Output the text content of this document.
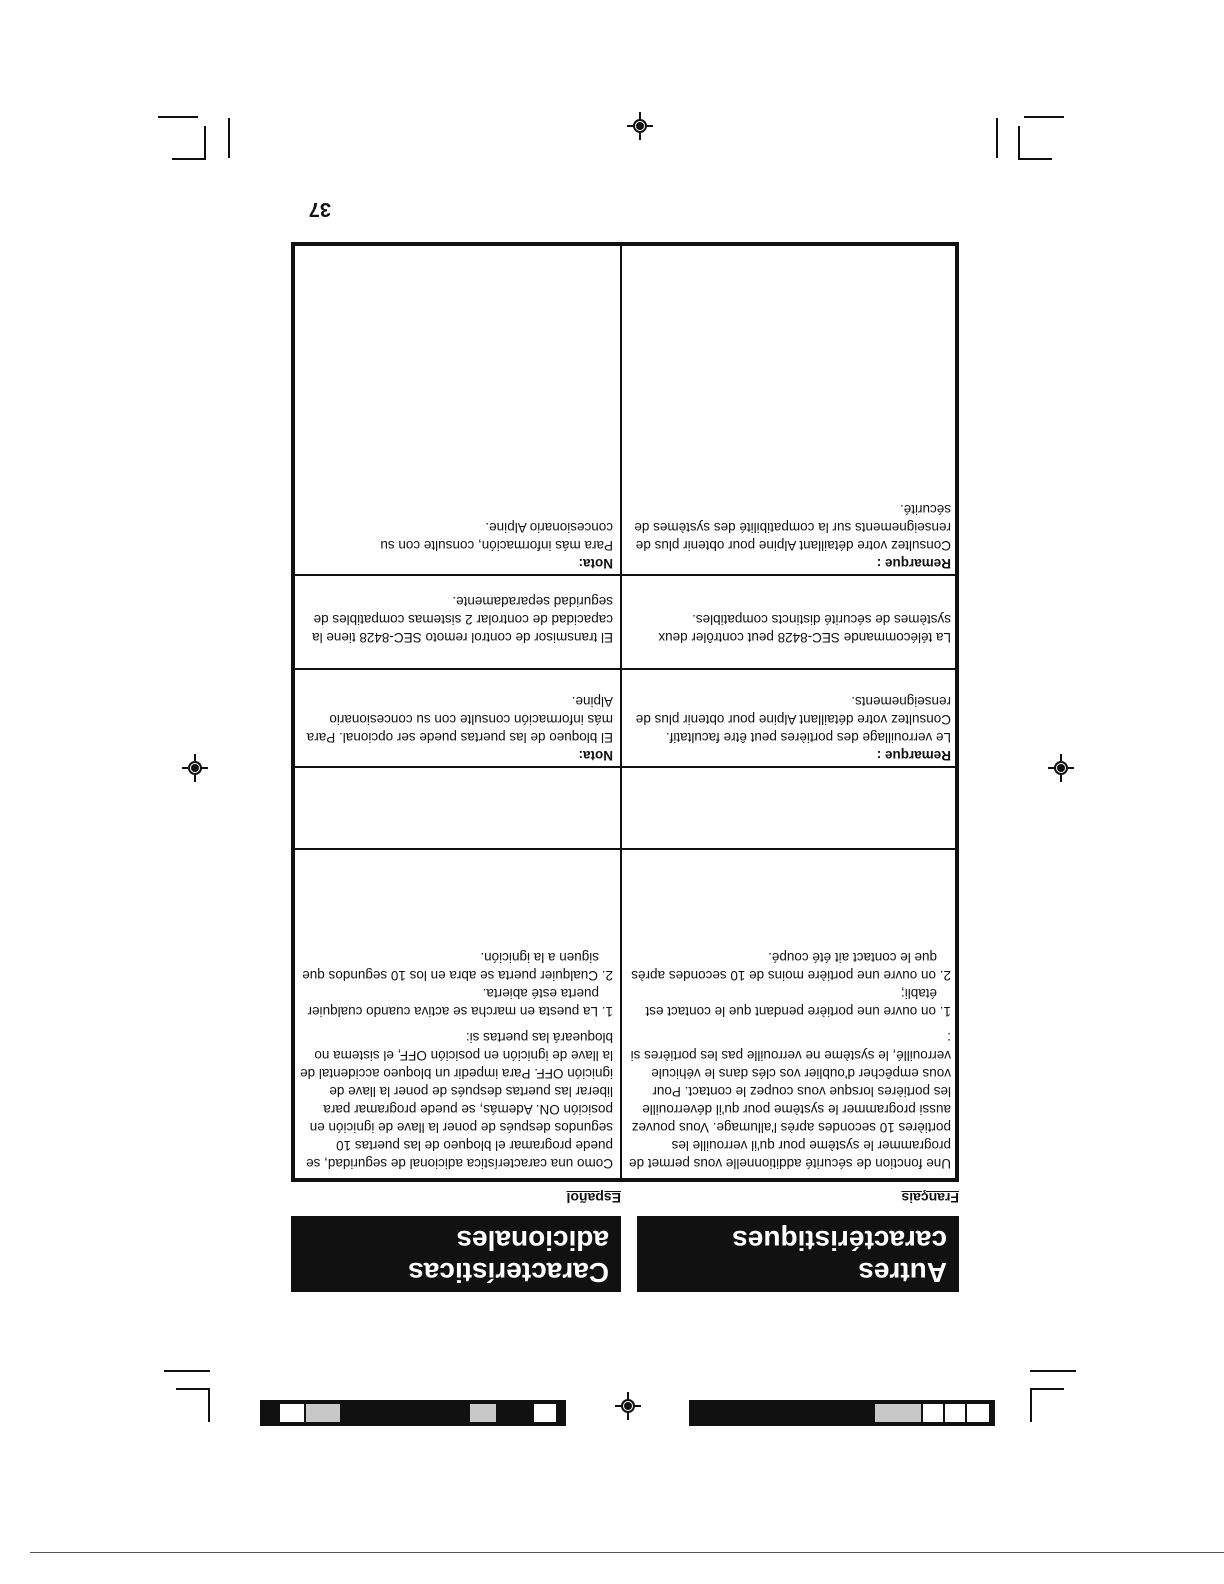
Autres
caractéristiques
Características
adicionales
Français
Español
Une fonction de sécurité additionnelle vous permet de programmer le système pour qu'il verrouille les portières 10 secondes après l'allumage. Vous pouvez aussi programmer le système pour qu'il déverrouille les portières lorsque vous coupez le contact. Pour vous empêcher d'oublier vos clés dans le véhicule verrouillé, le système ne verrouille pas les portières si :
1. on ouvre une portière pendant que le contact est établi;
2. on ouvre une portière moins de 10 secondes après que le contact ait été coupé.
Remarque :
Le verrouillage des portières peut être facultatif. Consultez votre détaillant Alpine pour obtenir plus de renseignements.
La télécommande SEC-8428 peut contrôler deux systèmes de sécurité distincts compatibles.
Remarque :
Consultez votre détaillant Alpine pour obtenir plus de renseignements sur la compatibilité des systèmes de sécurité.
Como una característica adicional de seguridad, se puede programar el bloqueo de las puertas 10 segundos después de poner la llave de ignición en posición ON. Además, se puede programar para liberar las puertas después de poner la llave de ignición OFF. Para impedir un bloqueo accidental de la llave de ignición en posición OFF, el sistema no bloqueará las puertas si:
1. La puesta en marcha se activa cuando cualquier puerta esté abierta.
2. Cualquier puerta se abra en los 10 segundos que siguen a la ignición.
Nota:
El bloqueo de las puertas puede ser opcional. Para más información consulte con su concesionario Alpine.
El transmisor de control remoto SEC-8428 tiene la capacidad de controlar 2 sistemas compatibles de seguridad separadamente.
Nota:
Para más información, consulte con su concesionario Alpine.
37
